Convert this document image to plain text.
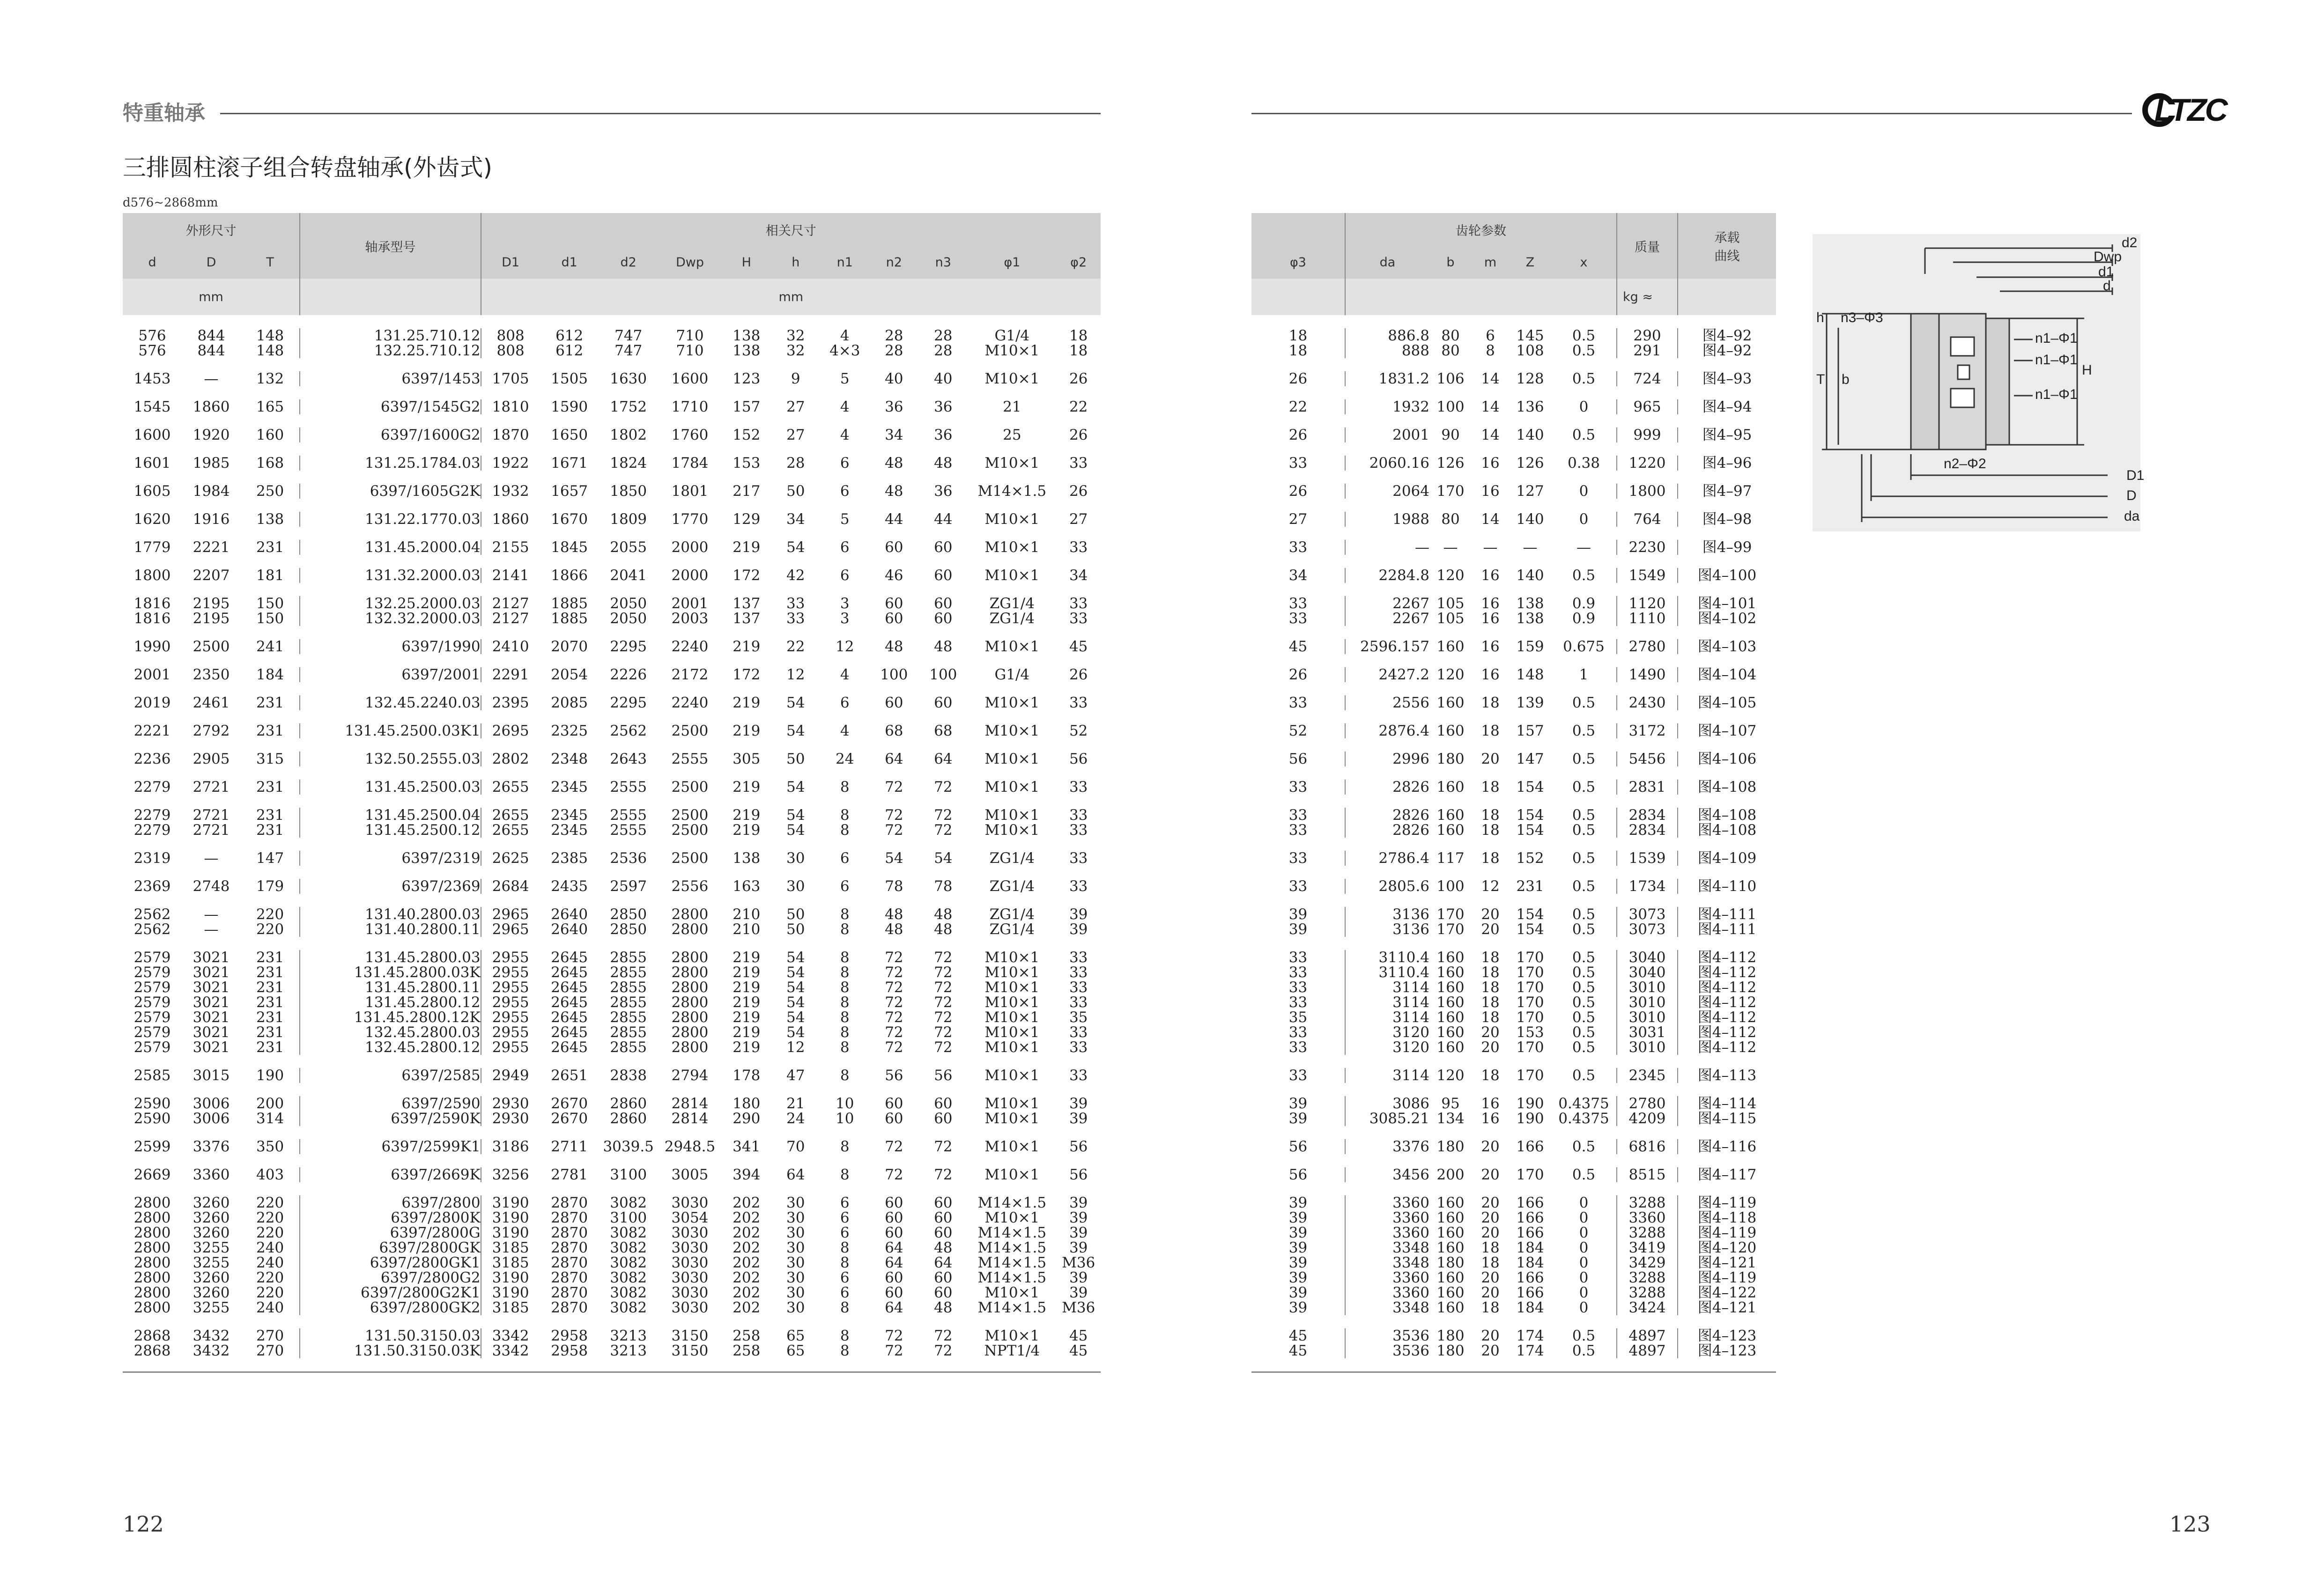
特重轴承
三排圆柱滚子组合转盘轴承(外齿式)
d576~2868mm
外形尺寸			轴承型号	相关尺寸										
d	D	T		D1	d1	d2	Dwp	H	h	n1	n2	n3	φ1	φ2
mm				mm										

576	844	148	131.25.710.12	808	612	747	710	138	32	4	28	28	G1/4	18
576	844	148	132.25.710.12	808	612	747	710	138	32	4×3	28	28	M10×1	18

1453	—	132	6397/1453	1705	1505	1630	1600	123	9	5	40	40	M10×1	26

1545	1860	165	6397/1545G2	1810	1590	1752	1710	157	27	4	36	36	21	22

1600	1920	160	6397/1600G2	1870	1650	1802	1760	152	27	4	34	36	25	26

1601	1985	168	131.25.1784.03	1922	1671	1824	1784	153	28	6	48	48	M10×1	33

1605	1984	250	6397/1605G2K	1932	1657	1850	1801	217	50	6	48	36	M14×1.5	26

1620	1916	138	131.22.1770.03	1860	1670	1809	1770	129	34	5	44	44	M10×1	27

1779	2221	231	131.45.2000.04	2155	1845	2055	2000	219	54	6	60	60	M10×1	33

1800	2207	181	131.32.2000.03	2141	1866	2041	2000	172	42	6	46	60	M10×1	34

1816	2195	150	132.25.2000.03	2127	1885	2050	2001	137	33	3	60	60	ZG1/4	33
1816	2195	150	132.32.2000.03	2127	1885	2050	2003	137	33	3	60	60	ZG1/4	33

1990	2500	241	6397/1990	2410	2070	2295	2240	219	22	12	48	48	M10×1	45

2001	2350	184	6397/2001	2291	2054	2226	2172	172	12	4	100	100	G1/4	26

2019	2461	231	132.45.2240.03	2395	2085	2295	2240	219	54	6	60	60	M10×1	33

2221	2792	231	131.45.2500.03K1	2695	2325	2562	2500	219	54	4	68	68	M10×1	52

2236	2905	315	132.50.2555.03	2802	2348	2643	2555	305	50	24	64	64	M10×1	56

2279	2721	231	131.45.2500.03	2655	2345	2555	2500	219	54	8	72	72	M10×1	33

2279	2721	231	131.45.2500.04	2655	2345	2555	2500	219	54	8	72	72	M10×1	33
2279	2721	231	131.45.2500.12	2655	2345	2555	2500	219	54	8	72	72	M10×1	33

2319	—	147	6397/2319	2625	2385	2536	2500	138	30	6	54	54	ZG1/4	33

2369	2748	179	6397/2369	2684	2435	2597	2556	163	30	6	78	78	ZG1/4	33

2562	—	220	131.40.2800.03	2965	2640	2850	2800	210	50	8	48	48	ZG1/4	39
2562	—	220	131.40.2800.11	2965	2640	2850	2800	210	50	8	48	48	ZG1/4	39

2579	3021	231	131.45.2800.03	2955	2645	2855	2800	219	54	8	72	72	M10×1	33
2579	3021	231	131.45.2800.03K	2955	2645	2855	2800	219	54	8	72	72	M10×1	33
2579	3021	231	131.45.2800.11	2955	2645	2855	2800	219	54	8	72	72	M10×1	33
2579	3021	231	131.45.2800.12	2955	2645	2855	2800	219	54	8	72	72	M10×1	33
2579	3021	231	131.45.2800.12K	2955	2645	2855	2800	219	54	8	72	72	M10×1	35
2579	3021	231	132.45.2800.03	2955	2645	2855	2800	219	54	8	72	72	M10×1	33
2579	3021	231	132.45.2800.12	2955	2645	2855	2800	219	12	8	72	72	M10×1	33

2585	3015	190	6397/2585	2949	2651	2838	2794	178	47	8	56	56	M10×1	33

2590	3006	200	6397/2590	2930	2670	2860	2814	180	21	10	60	60	M10×1	39
2590	3006	314	6397/2590K	2930	2670	2860	2814	290	24	10	60	60	M10×1	39

2599	3376	350	6397/2599K1	3186	2711	3039.5	2948.5	341	70	8	72	72	M10×1	56

2669	3360	403	6397/2669K	3256	2781	3100	3005	394	64	8	72	72	M10×1	56

2800	3260	220	6397/2800	3190	2870	3082	3030	202	30	6	60	60	M14×1.5	39
2800	3260	220	6397/2800K	3190	2870	3100	3054	202	30	6	60	60	M10×1	39
2800	3260	220	6397/2800G	3190	2870	3082	3030	202	30	6	60	60	M14×1.5	39
2800	3255	240	6397/2800GK	3185	2870	3082	3030	202	30	8	64	48	M14×1.5	39
2800	3255	240	6397/2800GK1	3185	2870	3082	3030	202	30	8	64	64	M14×1.5	M36
2800	3260	220	6397/2800G2	3190	2870	3082	3030	202	30	6	60	60	M14×1.5	39
2800	3260	220	6397/2800G2K1	3190	2870	3082	3030	202	30	6	60	60	M10×1	39
2800	3255	240	6397/2800GK2	3185	2870	3082	3030	202	30	8	64	48	M14×1.5	M36

2868	3432	270	131.50.3150.03	3342	2958	3213	3150	258	65	8	72	72	M10×1	45
2868	3432	270	131.50.3150.03K	3342	2958	3213	3150	258	65	8	72	72	NPT1/4	45

122
LTZC
	齿轮参数					质量	承载
曲线
φ3	da	b	m	Z	x		
						kg ≈	

18	886.8	80	6	145	0.5	290	图4–92
18	888	80	8	108	0.5	291	图4–92

26	1831.2	106	14	128	0.5	724	图4–93

22	1932	100	14	136	0	965	图4–94

26	2001	90	14	140	0.5	999	图4–95

33	2060.16	126	16	126	0.38	1220	图4–96

26	2064	170	16	127	0	1800	图4–97

27	1988	80	14	140	0	764	图4–98

33	—	—	—	—	—	2230	图4–99

34	2284.8	120	16	140	0.5	1549	图4–100

33	2267	105	16	138	0.9	1120	图4–101
33	2267	105	16	138	0.9	1110	图4–102

45	2596.157	160	16	159	0.675	2780	图4–103

26	2427.2	120	16	148	1	1490	图4–104

33	2556	160	18	139	0.5	2430	图4–105

52	2876.4	160	18	157	0.5	3172	图4–107

56	2996	180	20	147	0.5	5456	图4–106

33	2826	160	18	154	0.5	2831	图4–108

33	2826	160	18	154	0.5	2834	图4–108
33	2826	160	18	154	0.5	2834	图4–108

33	2786.4	117	18	152	0.5	1539	图4–109

33	2805.6	100	12	231	0.5	1734	图4–110

39	3136	170	20	154	0.5	3073	图4–111
39	3136	170	20	154	0.5	3073	图4–111

33	3110.4	160	18	170	0.5	3040	图4–112
33	3110.4	160	18	170	0.5	3040	图4–112
33	3114	160	18	170	0.5	3010	图4–112
33	3114	160	18	170	0.5	3010	图4–112
35	3114	160	18	170	0.5	3010	图4–112
33	3120	160	20	153	0.5	3031	图4–112
33	3120	160	20	170	0.5	3010	图4–112

33	3114	120	18	170	0.5	2345	图4–113

39	3086	95	16	190	0.4375	2780	图4–114
39	3085.21	134	16	190	0.4375	4209	图4–115

56	3376	180	20	166	0.5	6816	图4–116

56	3456	200	20	170	0.5	8515	图4–117

39	3360	160	20	166	0	3288	图4–119
39	3360	160	20	166	0	3360	图4–118
39	3360	160	20	166	0	3288	图4–119
39	3348	160	18	184	0	3419	图4–120
39	3348	180	18	184	0	3429	图4–121
39	3360	160	20	166	0	3288	图4–119
39	3360	160	20	166	0	3288	图4–122
39	3348	160	18	184	0	3424	图4–121

45	3536	180	20	174	0.5	4897	图4–123
45	3536	180	20	174	0.5	4897	图4–123

d2
Dwp
d1
d
h n3–Φ3
T b
H
n1–Φ1
n1–Φ1
n1–Φ1
n2–Φ2
D1
D
da
123
